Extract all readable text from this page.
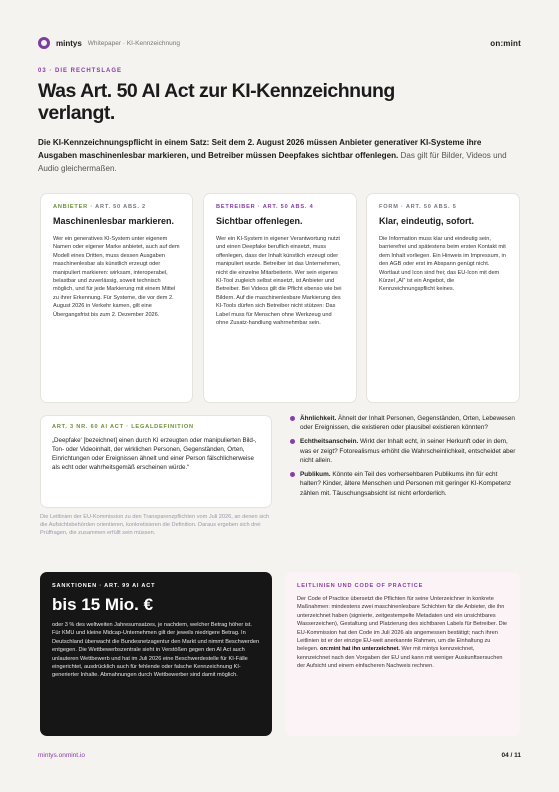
mintys Whitepaper · KI-Kennzeichnung	on:mint
03 · DIE RECHTSLAGE
Was Art. 50 AI Act zur KI-Kennzeichnung verlangt.

Die KI-Kennzeichnungspflicht in einem Satz: Seit dem 2. August 2026 müssen Anbieter generativer KI-Systeme ihre Ausgaben maschinenlesbar markieren, und Betreiber müssen Deepfakes sichtbar offenlegen. Das gilt für Bilder, Videos und Audio gleichermaßen.

ANBIETER · ART. 50 ABS. 2
Maschinenlesbar markieren.

Wer ein generatives KI-System unter eigenem Namen oder eigener Marke anbietet, auch auf dem Modell eines Dritten, muss dessen Ausgaben maschinenlesbar als künstlich erzeugt oder manipuliert markieren: wirksam, interoperabel, belastbar und zuverlässig, soweit technisch möglich, und für jede Markierung mit einem Mittel zu ihrer Erkennung. Für Systeme, die vor dem 2. August 2026 in Verkehr kamen, gilt eine Übergangsfrist bis zum 2. Dezember 2026.

BETREIBER · ART. 50 ABS. 4
Sichtbar offenlegen.

Wer ein KI-System in eigener Verantwortung nutzt und einen Deepfake beruflich einsetzt, muss offenlegen, dass der Inhalt künstlich erzeugt oder manipuliert wurde. Betreiber ist das Unternehmen, nicht die einzelne Mitarbeiterin. Wer sein eigenes KI-Tool zugleich selbst einsetzt, ist Anbieter und Betreiber. Bei Videos gilt die Pflicht ebenso wie bei Bildern. Auf die maschinenlesbare Markierung des KI-Tools dürfen sich Betreiber nicht stützen: Das Label muss für Menschen ohne Werkzeug und ohne Zusatz-handlung wahrnehmbar sein.

FORM · ART. 50 ABS. 5
Klar, eindeutig, sofort.

Die Information muss klar und eindeutig sein, barrierefrei und spätestens beim ersten Kontakt mit dem Inhalt vorliegen. Ein Hinweis im Impressum, in den AGB oder erst im Abspann genügt nicht. Wortlaut und Icon sind frei; das EU-Icon mit dem Kürzel „AI“ ist ein Angebot, die Kennzeichnungspflicht keines.

ART. 3 NR. 60 AI ACT · LEGALDEFINITION

„Deepfake‘ [bezeichnet] einen durch KI erzeugten oder manipulierten Bild-, Ton- oder Videoinhalt, der wirklichen Personen, Gegenständen, Orten, Einrichtungen oder Ereignissen ähnelt und einer Person fälschlicherweise als echt oder wahrheitsgemäß erscheinen würde.“

Die Leitlinien der EU-Kommission zu den Transparenzpflichten vom Juli 2026, an denen sich die Aufsichtsbehörden orientieren, konkretisieren die Definition. Daraus ergeben sich drei Prüffragen, die zusammen erfüllt sein müssen.

Ähnlichkeit. Ähnelt der Inhalt Personen, Gegenständen, Orten, Lebewesen oder Ereignissen, die existieren oder plausibel existieren könnten?
Echtheitsanschein. Wirkt der Inhalt echt, in seiner Herkunft oder in dem, was er zeigt? Fotorealismus erhöht die Wahrscheinlichkeit, entscheidet aber nicht allein.
Publikum. Könnte ein Teil des vorhersehbaren Publikums ihn für echt halten? Kinder, ältere Menschen und Personen mit geringer KI-Kompetenz zählen mit. Täuschungsabsicht ist nicht erforderlich.
SANKTIONEN · ART. 99 AI ACT
bis 15 Mio. €

oder 3 % des weltweiten Jahresumsatzes, je nachdem, welcher Betrag höher ist. Für KMU und kleine Midcap-Unternehmen gilt der jeweils niedrigere Betrag. In Deutschland überwacht die Bundesnetzagentur den Markt und nimmt Beschwerden entgegen. Die Wettbewerbszentrale sieht in Verstößen gegen den AI Act auch unlauteren Wettbewerb und hat im Juli 2026 eine Beschwerdestelle für KI-Fälle eingerichtet, ausdrücklich auch für fehlende oder falsche Kennzeichnung KI-generierter Inhalte. Abmahnungen durch Wettbewerber sind damit möglich.

LEITLINIEN UND CODE OF PRACTICE

Der Code of Practice übersetzt die Pflichten für seine Unterzeichner in konkrete Maßnahmen: mindestens zwei maschinenlesbare Schichten für die Anbieter, die ihn unterzeichnet haben (signierte, zeitgestempelte Metadaten und ein unsichtbares Wasserzeichen), Gestaltung und Platzierung des sichtbaren Labels für Betreiber. Die EU-Kommission hat den Code im Juli 2026 als angemessen bestätigt; nach ihren Leitlinien ist er der einzige EU-weit anerkannte Rahmen, um die Einhaltung zu belegen. on:mint hat ihn unterzeichnet. Wer mit mintys kennzeichnet, kennzeichnet nach den Vorgaben der EU und kann mit weniger Auskunftsersuchen der Aufsicht und einem einfacheren Nachweis rechnen.

mintys.onmint.io	04 / 11
